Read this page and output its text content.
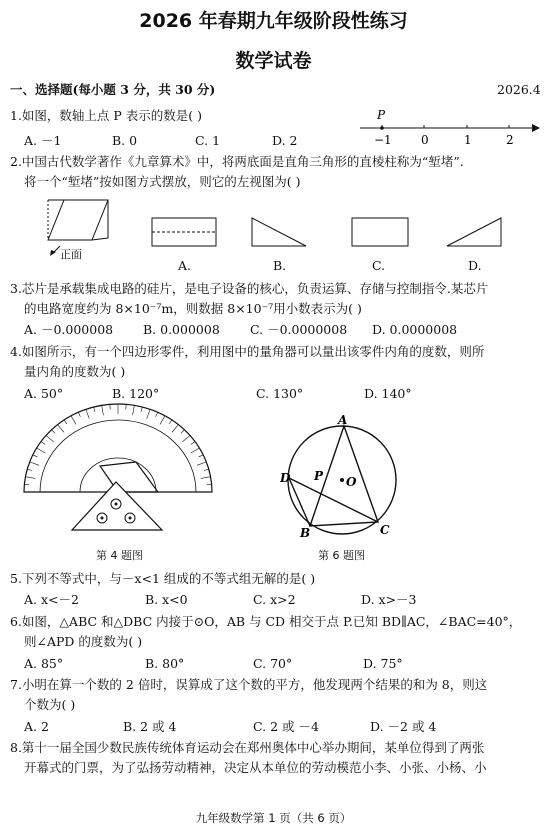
2026 年春期九年级阶段性练习
数学试卷
一、选择题(每小题 3 分，共 30 分)	2026.4
1.如图，数轴上点 P 表示的数是( )
A. －1	B. 0	C. 1	D. 2
P
−1 0	1	2
2.中国古代数学著作《九章算术》中，将两底面是直角三角形的直棱柱称为“堑堵”.
将一个“堑堵”按如图方式摆放，则它的左视图为( )
正面
A.	B.	C.	D.
3.芯片是承载集成电路的硅片，是电子设备的核心，负责运算、存储与控制指令.某芯片
的电路宽度约为 8×10⁻⁷m，则数据 8×10⁻⁷用小数表示为( )
A. －0.000008 B. 0.000008 C. －0.0000008 D. 0.0000008
4.如图所示，有一个四边形零件，利用图中的量角器可以量出该零件内角的度数，则所
量内角的度数为( )
A. 50°	B. 120°	C. 130°	D. 140°
第 4 题图
A
B	C
D P O
第 6 题图
5.下列不等式中，与－x<1 组成的不等式组无解的是( )
A. x<－2	B. x<0	C. x>2	D. x>－3
6.如图，△ABC 和△DBC 内接于⊙O，AB 与 CD 相交于点 P.已知 BD∥AC，∠BAC=40°，
则∠APD 的度数为( )
A. 85°	B. 80°	C. 70°	D. 75°
7.小明在算一个数的 2 倍时，误算成了这个数的平方，他发现两个结果的和为 8，则这
个数为( )
A. 2	B. 2 或 4	C. 2 或 －4	D. －2 或 4
8.第十一届全国少数民族传统体育运动会在郑州奥体中心举办期间，某单位得到了两张
开幕式的门票，为了弘扬劳动精神，决定从本单位的劳动模范小李、小张、小杨、小
九年级数学第 1 页（共 6 页）
